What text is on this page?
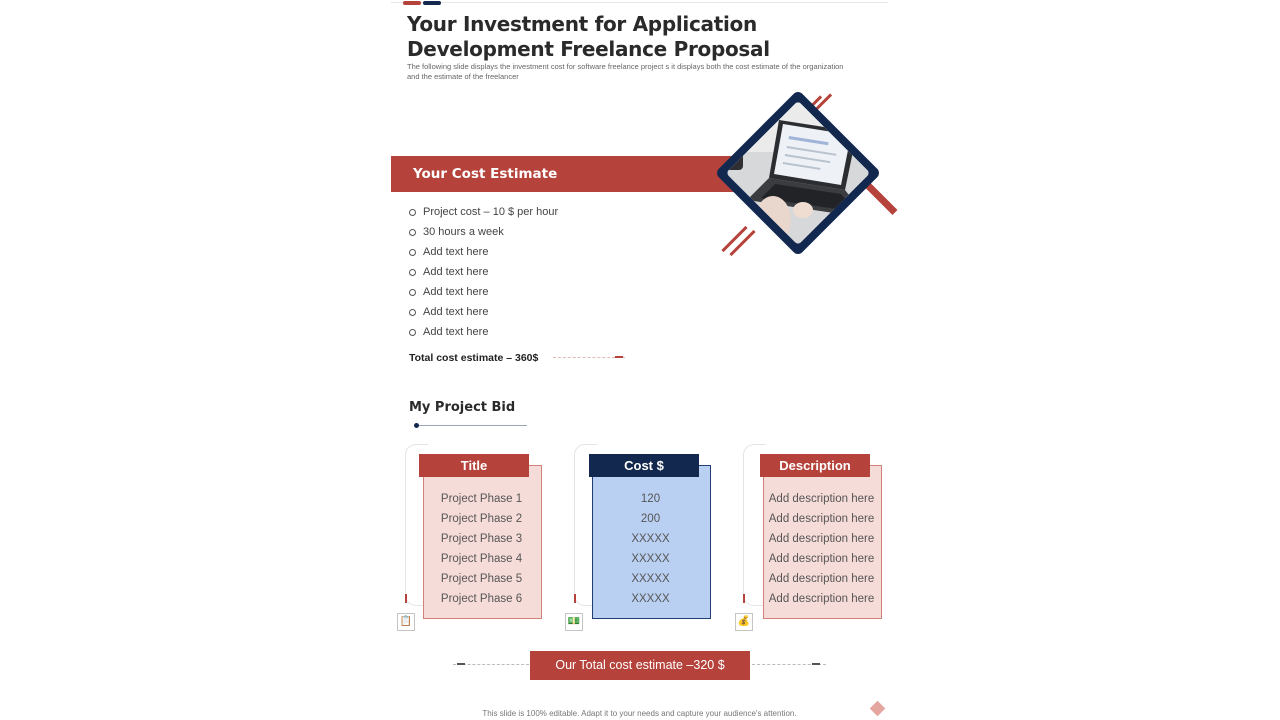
Your Investment for Application Development Freelance Proposal
The following slide displays the investment cost for software freelance project s it displays both the cost estimate of the organization and the estimate of the freelancer
Your Cost Estimate
Project cost – 10 $ per hour
30 hours a week
Add text here
Add text here
Add text here
Add text here
Add text here
Total cost estimate – 360$
My Project Bid
📋
Title
Project Phase 1
Project Phase 2
Project Phase 3
Project Phase 4
Project Phase 5
Project Phase 6
💵
Cost $
120
200
XXXXX
XXXXX
XXXXX
XXXXX
💰
Description
Add description here
Add description here
Add description here
Add description here
Add description here
Add description here
Our Total cost estimate –320 $
This slide is 100% editable. Adapt it to your needs and capture your audience's attention.
